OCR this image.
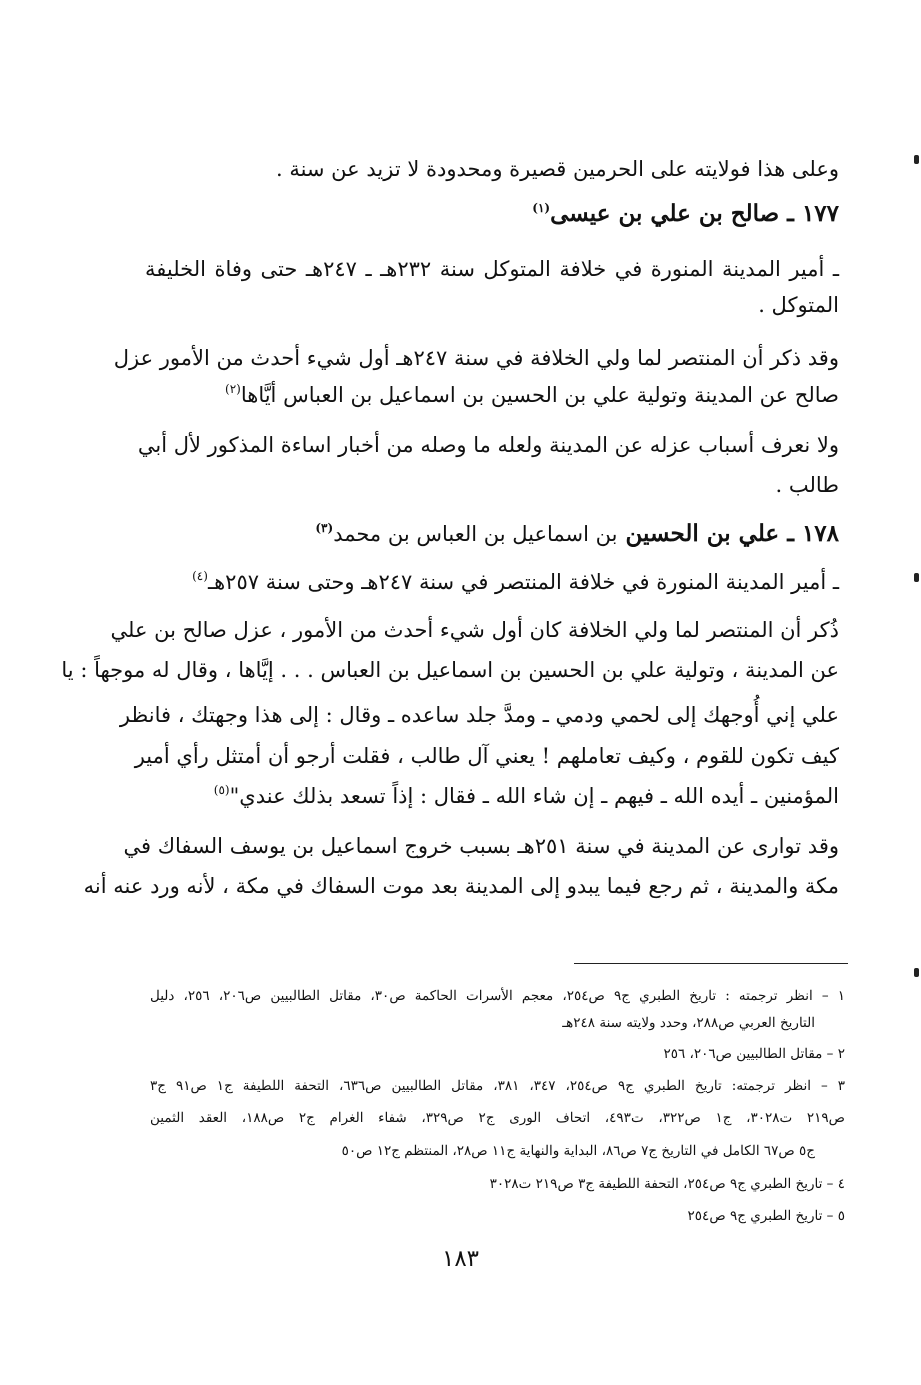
وعلى هذا فولايته على الحرمين قصيرة ومحدودة لا تزيد عن سنة .
١٧٧ ـ صالح بن علي بن عيسى$^{(١)}$
ـ أمير المدينة المنورة في خلافة المتوكل سنة ٢٣٢هـ ـ ٢٤٧هـ حتى وفاة الخليفة
المتوكل .
وقد ذكر أن المنتصر لما ولي الخلافة في سنة ٢٤٧هـ أول شيء أحدث من الأمور عزل
صالح عن المدينة وتولية علي بن الحسين بن اسماعيل بن العباس أيَّاها$^{(٢)}$
ولا نعرف أسباب عزله عن المدينة ولعله ما وصله من أخبار اساءة المذكور لأل أبي
طالب .
١٧٨ ـ علي بن الحسين بن اسماعيل بن العباس بن محمد$^{(٣)}$
ـ أمير المدينة المنورة في خلافة المنتصر في سنة ٢٤٧هـ وحتى سنة ٢٥٧هـ$^{(٤)}$
ذُكر أن المنتصر لما ولي الخلافة كان أول شيء أحدث من الأمور ، عزل صالح بن علي
عن المدينة ، وتولية علي بن الحسين بن اسماعيل بن العباس . . . إيَّاها ، وقال له موجهاً : يا
علي إني أُوجهك إلى لحمي ودمي ـ ومدَّ جلد ساعده ـ وقال : إلى هذا وجهتك ، فانظر
كيف تكون للقوم ، وكيف تعاملهم ! يعني آل طالب ، فقلت أرجو أن أمتثل رأي أمير
المؤمنين ـ أيده الله ـ فيهم ـ إن شاء الله ـ فقال : إذاً تسعد بذلك عندي"$^{(٥)}$
وقد توارى عن المدينة في سنة ٢٥١هـ بسبب خروج اسماعيل بن يوسف السفاك في
مكة والمدينة ، ثم رجع فيما يبدو إلى المدينة بعد موت السفاك في مكة ، لأنه ورد عنه أنه
١ – انظر ترجمته : تاريخ الطبري ج٩ ص٢٥٤، معجم الأسرات الحاكمة ص٣٠، مقاتل الطالبيين ص٢٠٦، ٢٥٦، دليل
التاريخ العربي ص٢٨٨، وحدد ولايته سنة ٢٤٨هـ
٢ – مقاتل الطالبيين ص٢٠٦، ٢٥٦
٣ – انظر ترجمته: تاريخ الطبري ج٩ ص٢٥٤، ٣٤٧، ٣٨١، مقاتل الطالبيين ص٦٣٦، التحفة اللطيفة ج١ ص٩١ ج٣
ص٢١٩ ت٣٠٢٨، ج١ ص٣٢٢، ت٤٩٣، اتحاف الورى ج٢ ص٣٢٩، شفاء الغرام ج٢ ص١٨٨، العقد الثمين
ج٥ ص٦٧ الكامل في التاريخ ج٧ ص٨٦، البداية والنهاية ج١١ ص٢٨، المنتظم ج١٢ ص٥٠
٤ – تاريخ الطبري ج٩ ص٢٥٤، التحفة اللطيفة ج٣ ص٢١٩ ت٣٠٢٨
٥ – تاريخ الطبري ج٩ ص٢٥٤
١٨٣
